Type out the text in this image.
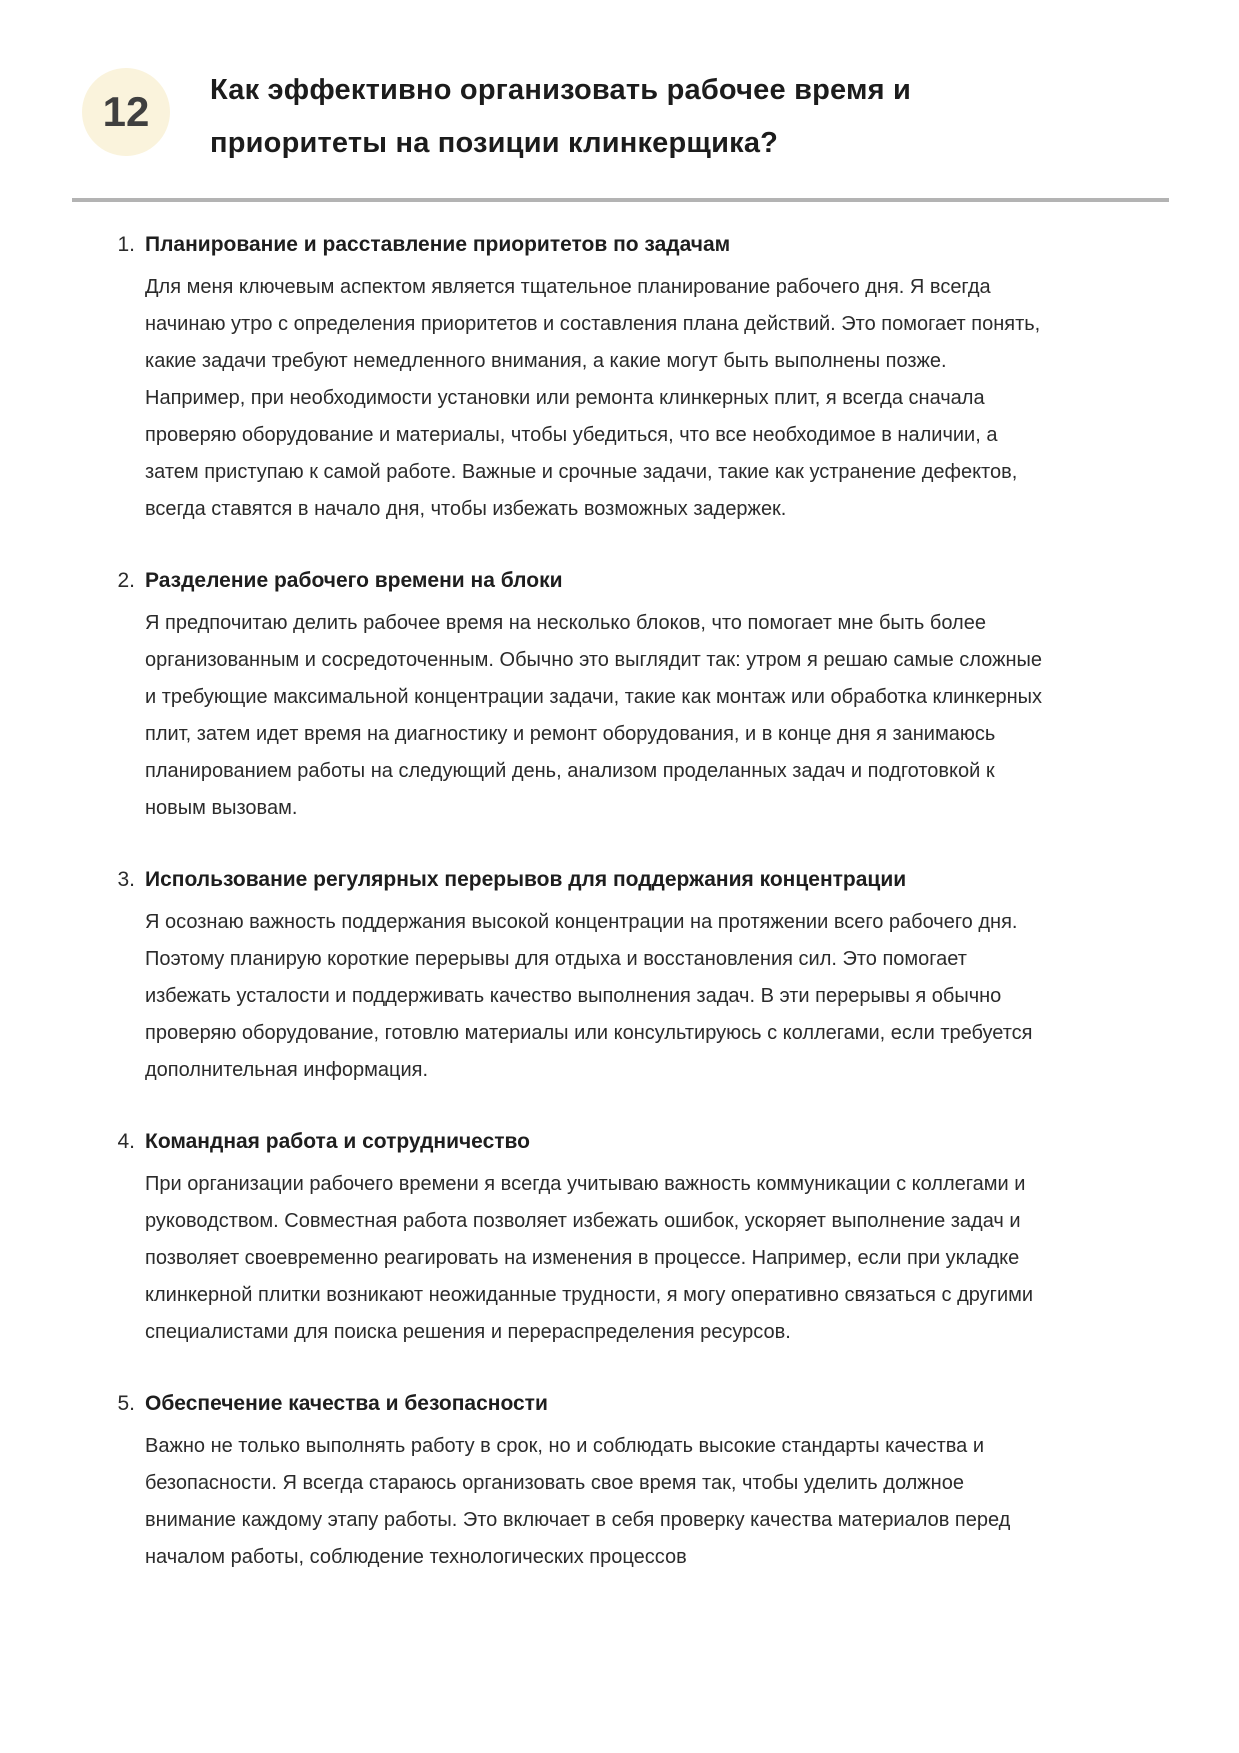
12	Как эффективно организовать рабочее время и приоритеты на позиции клинкерщика?
1. Планирование и расставление приоритетов по задачам

Для меня ключевым аспектом является тщательное планирование рабочего дня. Я всегда начинаю утро с определения приоритетов и составления плана действий. Это помогает понять, какие задачи требуют немедленного внимания, а какие могут быть выполнены позже. Например, при необходимости установки или ремонта клинкерных плит, я всегда сначала проверяю оборудование и материалы, чтобы убедиться, что все необходимое в наличии, а затем приступаю к самой работе. Важные и срочные задачи, такие как устранение дефектов, всегда ставятся в начало дня, чтобы избежать возможных задержек.

2. Разделение рабочего времени на блоки

Я предпочитаю делить рабочее время на несколько блоков, что помогает мне быть более организованным и сосредоточенным. Обычно это выглядит так: утром я решаю самые сложные и требующие максимальной концентрации задачи, такие как монтаж или обработка клинкерных плит, затем идет время на диагностику и ремонт оборудования, и в конце дня я занимаюсь планированием работы на следующий день, анализом проделанных задач и подготовкой к новым вызовам.

3. Использование регулярных перерывов для поддержания концентрации

Я осознаю важность поддержания высокой концентрации на протяжении всего рабочего дня. Поэтому планирую короткие перерывы для отдыха и восстановления сил. Это помогает избежать усталости и поддерживать качество выполнения задач. В эти перерывы я обычно проверяю оборудование, готовлю материалы или консультируюсь с коллегами, если требуется дополнительная информация.

4. Командная работа и сотрудничество

При организации рабочего времени я всегда учитываю важность коммуникации с коллегами и руководством. Совместная работа позволяет избежать ошибок, ускоряет выполнение задач и позволяет своевременно реагировать на изменения в процессе. Например, если при укладке клинкерной плитки возникают неожиданные трудности, я могу оперативно связаться с другими специалистами для поиска решения и перераспределения ресурсов.

5. Обеспечение качества и безопасности

Важно не только выполнять работу в срок, но и соблюдать высокие стандарты качества и безопасности. Я всегда стараюсь организовать свое время так, чтобы уделить должное внимание каждому этапу работы. Это включает в себя проверку качества материалов перед началом работы, соблюдение технологических процессов
